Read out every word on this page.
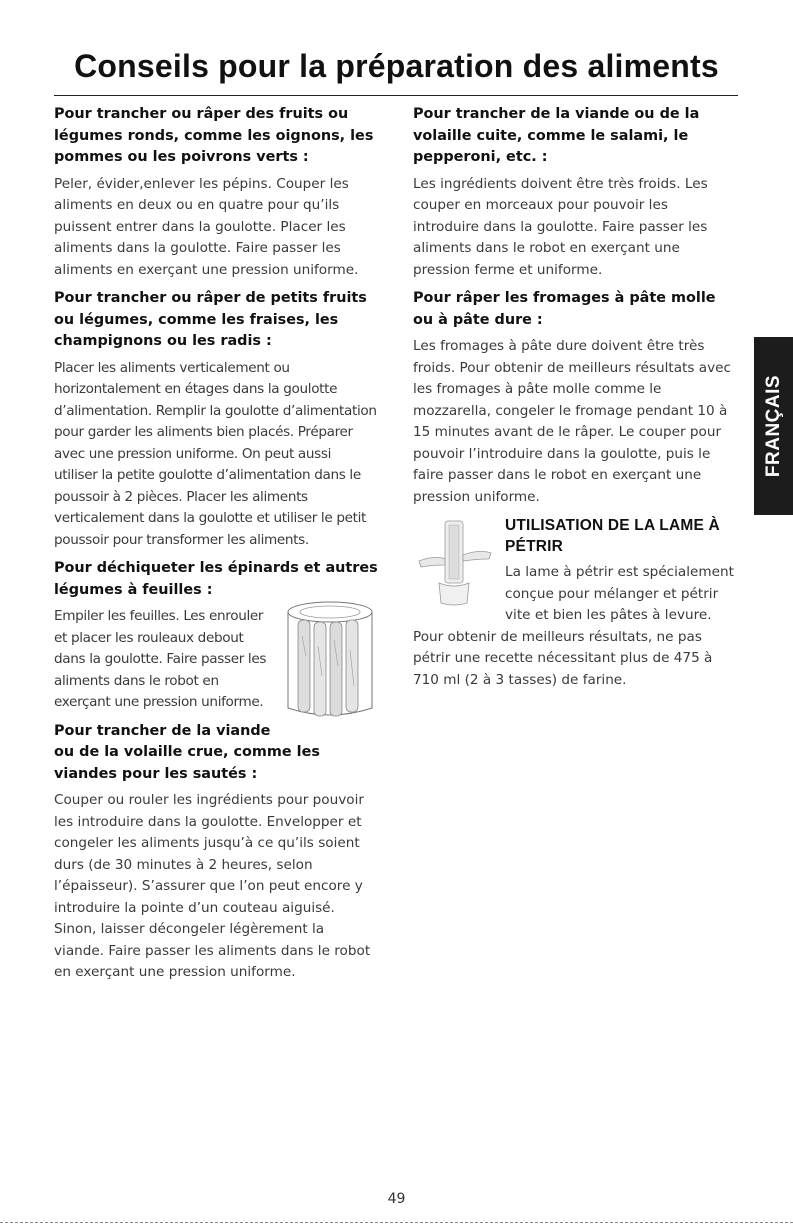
Conseils pour la préparation des aliments
Pour trancher ou râper des fruits ou légumes ronds, comme les oignons, les pommes ou les poivrons verts :

Peler, évider,enlever les pépins. Couper les aliments en deux ou en quatre pour qu’ils puissent entrer dans la goulotte. Placer les aliments dans la goulotte. Faire passer les aliments en exerçant une pression uniforme.

Pour trancher ou râper de petits fruits ou légumes, comme les fraises, les champignons ou les radis :

Placer les aliments verticalement ou horizontalement en étages dans la goulotte d’alimentation. Remplir la goulotte d’alimentation pour garder les aliments bien placés. Préparer avec une pression uniforme. On peut aussi utiliser la petite goulotte d’alimentation dans le poussoir à 2 pièces. Placer les aliments verticalement dans la goulotte et utiliser le petit poussoir pour transformer les aliments.

Pour déchiqueter les épinards et autres légumes à feuilles :

Empiler les feuilles. Les enrouler et placer les rouleaux debout dans la goulotte. Faire passer les aliments dans le robot en exerçant une pression uniforme.

Pour trancher de la viande ou de la volaille crue, comme les viandes pour les sautés :

Couper ou rouler les ingrédients pour pouvoir les introduire dans la goulotte. Envelopper et congeler les aliments jusqu’à ce qu’ils soient durs (de 30 minutes à 2 heures, selon l’épaisseur). S’assurer que l’on peut encore y introduire la pointe d’un couteau aiguisé. Sinon, laisser décongeler légèrement la viande. Faire passer les aliments dans le robot en exerçant une pression uniforme.

Pour trancher de la viande ou de la volaille cuite, comme le salami, le pepperoni, etc. :

Les ingrédients doivent être très froids. Les couper en morceaux pour pouvoir les introduire dans la goulotte. Faire passer les aliments dans le robot en exerçant une pression ferme et uniforme.

Pour râper les fromages à pâte molle ou à pâte dure :

Les fromages à pâte dure doivent être très froids. Pour obtenir de meilleurs résultats avec les fromages à pâte molle comme le mozzarella, congeler le fromage pendant 10 à 15 minutes avant de le râper. Le couper pour pouvoir l’introduire dans la goulotte, puis le faire passer dans le robot en exerçant une pression uniforme.

UTILISATION DE LA LAME À PÉTRIR

La lame à pétrir est spécialement conçue pour mélanger et pétrir vite et bien les pâtes à levure. Pour obtenir de meilleurs résultats, ne pas pétrir une recette nécessitant plus de 475 à 710 ml (2 à 3 tasses) de farine.

FRANÇAIS
49
